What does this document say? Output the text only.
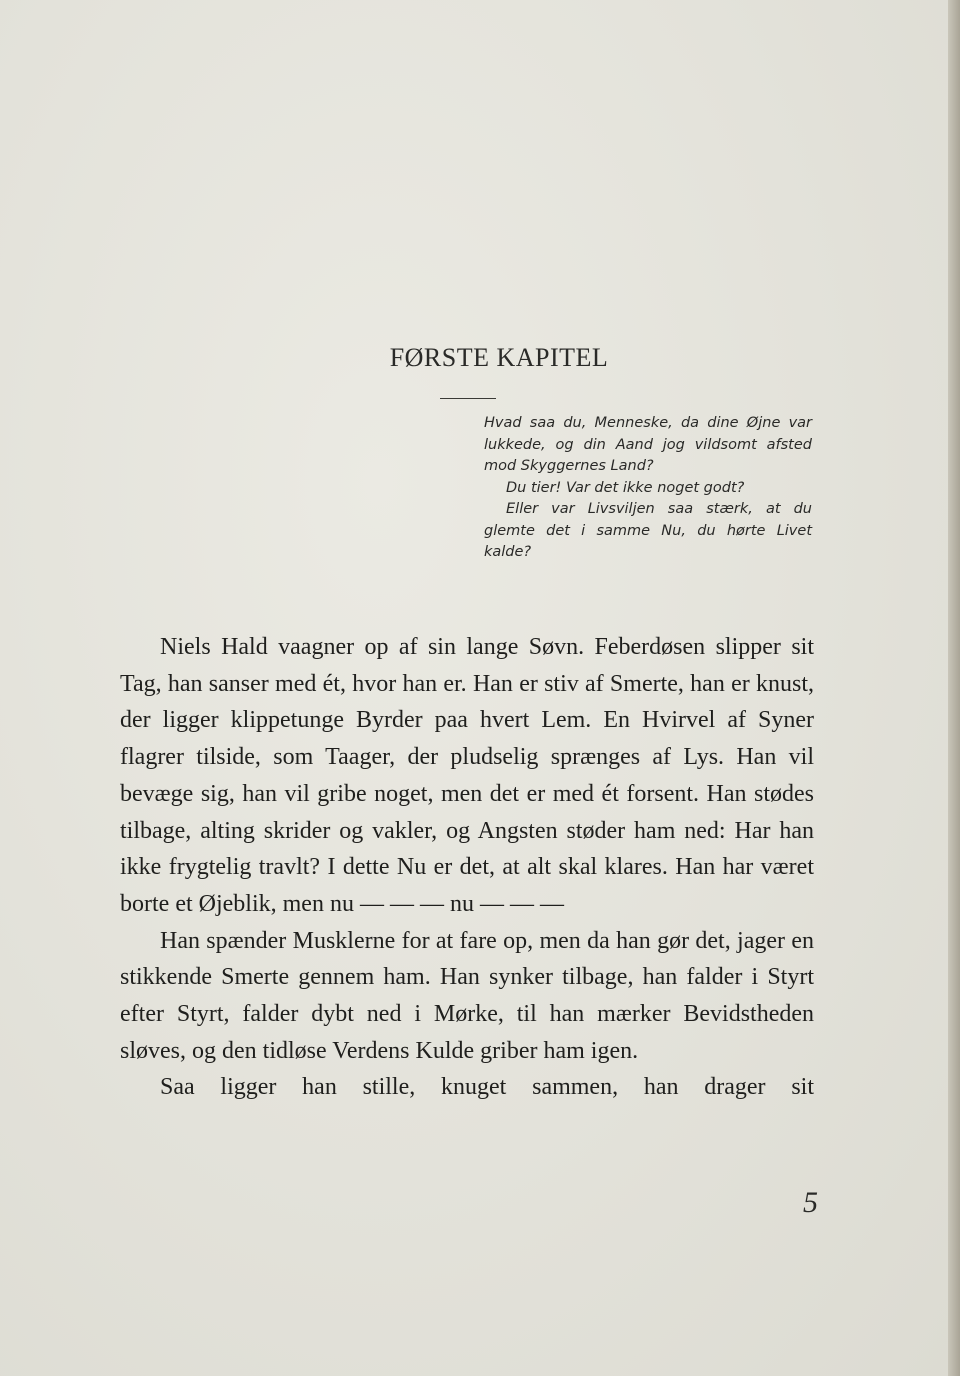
FØRSTE KAPITEL

Hvad saa du, Menneske, da dine Øjne var lukkede, og din Aand jog vildsomt afsted mod Skyggernes Land?

Du tier! Var det ikke noget godt?

Eller var Livsviljen saa stærk, at du glemte det i samme Nu, du hørte Livet kalde?

Niels Hald vaagner op af sin lange Søvn. Feberdøsen slipper sit Tag, han sanser med ét, hvor han er. Han er stiv af Smerte, han er knust, der ligger klippetunge Byrder paa hvert Lem. En Hvirvel af Syner flagrer tilside, som Taager, der pludselig sprænges af Lys. Han vil bevæge sig, han vil gribe noget, men det er med ét forsent. Han stødes tilbage, alting skrider og vakler, og Angsten støder ham ned: Har han ikke frygtelig travlt? I dette Nu er det, at alt skal klares. Han har været borte et Øjeblik, men nu — — — nu — — —

Han spænder Musklerne for at fare op, men da han gør det, jager en stikkende Smerte gennem ham. Han synker tilbage, han falder i Styrt efter Styrt, falder dybt ned i Mørke, til han mærker Bevidstheden sløves, og den tidløse Verdens Kulde griber ham igen.

Saa ligger han stille, knuget sammen, han drager sit

5
